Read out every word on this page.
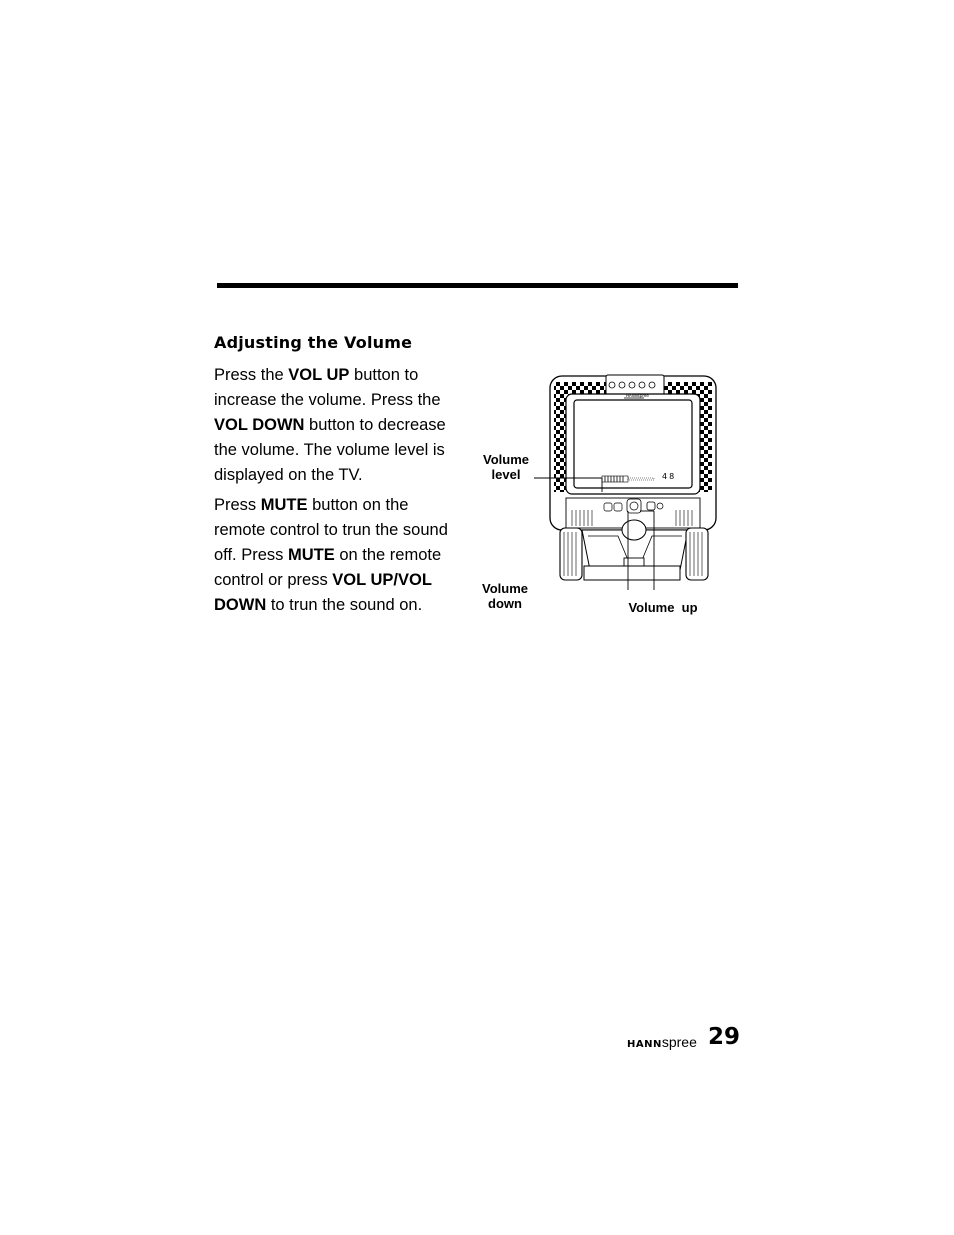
Adjusting the Volume

Press the VOL UP button to increase the volume. Press the VOL DOWN button to decrease the volume. The volume level is displayed on the TV.

Press MUTE button on the remote control to trun the sound off. Press MUTE on the remote control or press VOL UP/VOL DOWN to trun the sound on.

48
HANNspree
Volume
level
Volume
down	Volume  up
HANNspree 29
